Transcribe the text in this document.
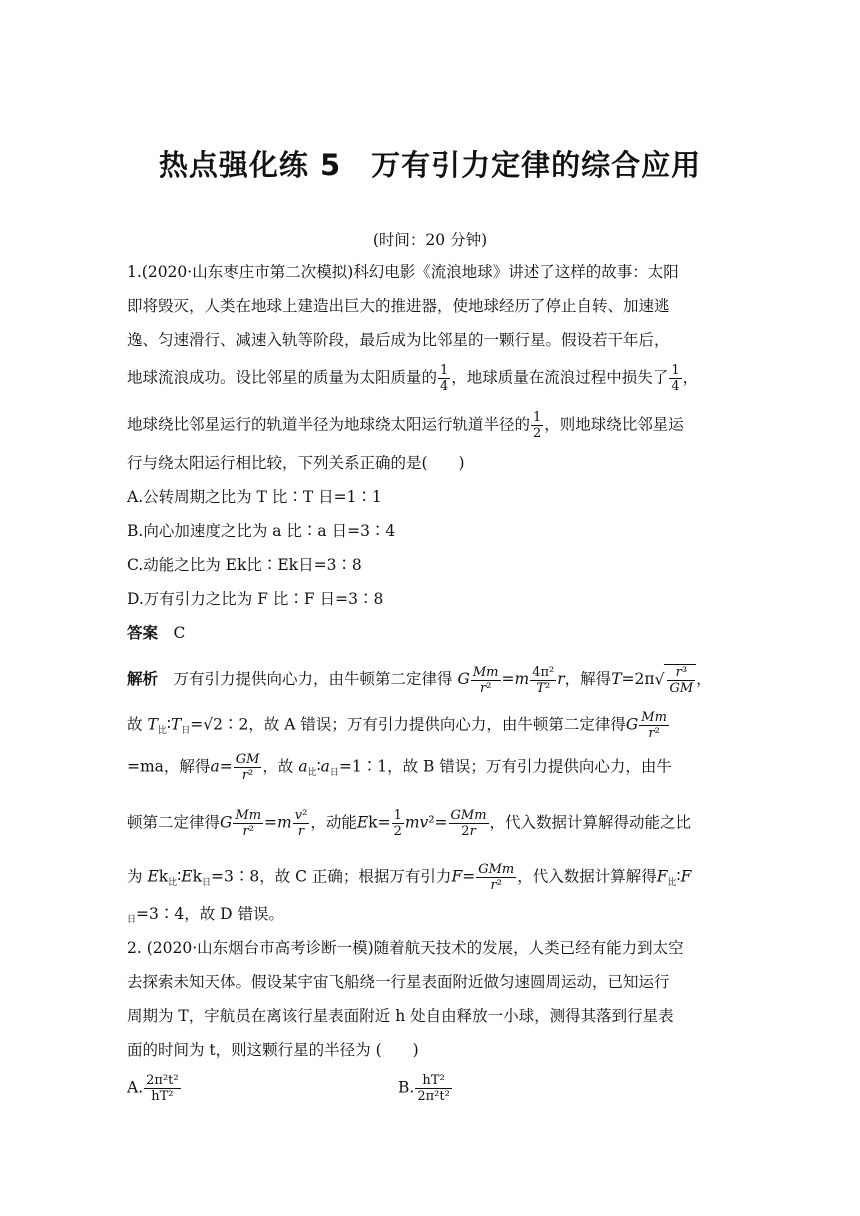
热点强化练 5　万有引力定律的综合应用
(时间：20 分钟)
1.(2020·山东枣庄市第二次模拟)科幻电影《流浪地球》讲述了这样的故事：太阳
即将毁灭，人类在地球上建造出巨大的推进器，使地球经历了停止自转、加速逃
逸、匀速滑行、减速入轨等阶段，最后成为比邻星的一颗行星。假设若干年后，
地球流浪成功。设比邻星的质量为太阳质量的 $\frac{1}{4}$ ，地球质量在流浪过程中损失了 $\frac{1}{4}$ ，
地球绕比邻星运行的轨道半径为地球绕太阳运行轨道半径的 $\frac{1}{2}$ ，则地球绕比邻星运
行与绕太阳运行相比较，下列关系正确的是(　　)
A.公转周期之比为 T 比∶T 日=1∶1
B.向心加速度之比为 a 比∶a 日=3∶4
C.动能之比为 Ek比∶Ek日=3∶8
D.万有引力之比为 F 比∶F 日=3∶8
答案　 C
解析　 万有引力提供向心力，由牛顿第二定律得 G $\frac{Mm}{\text{r²}} =m \frac{\text{4π²}}{\text{T²}}$ r，解得$T=2\pi√ \frac{\text{r³}}{GM}$ ，
故 T比∶T日=√2∶2，故 A 错误；万有引力提供向心力，由牛顿第二定律得G $\frac{Mm}{\text{r²}}$
=ma，解得$a= \frac{GM}{\text{r²}}$ ，故 a比∶a日=1∶1，故 B 错误；万有引力提供向心力，由牛
顿第二定律得G $\frac{Mm}{\text{r²}} =m \frac{\text{v²}}{r}$ ，动能$Ek= \frac{1}{2} mv^2= \frac{\text{GMm}}{2r}$ ，代入数据计算解得动能之比
为 Ek比∶Ek日=3∶8，故 C 正确；根据万有引力$F= \frac{\text{GMm}}{\text{r²}}$ ，代入数据计算解得F比∶F
日=3∶4，故 D 错误。
2. (2020·山东烟台市高考诊断一模)随着航天技术的发展，人类已经有能力到太空
去探索未知天体。假设某宇宙飞船绕一行星表面附近做匀速圆周运动，已知运行
周期为 T，宇航员在离该行星表面附近 h 处自由释放一小球，测得其落到行星表
面的时间为 t，则这颗行星的半径为 (　　)
A. $\frac{\text{2π²t²}}{\text{hT²}}$	B. $\frac{\text{hT²}}{\text{2π²t²}}$
